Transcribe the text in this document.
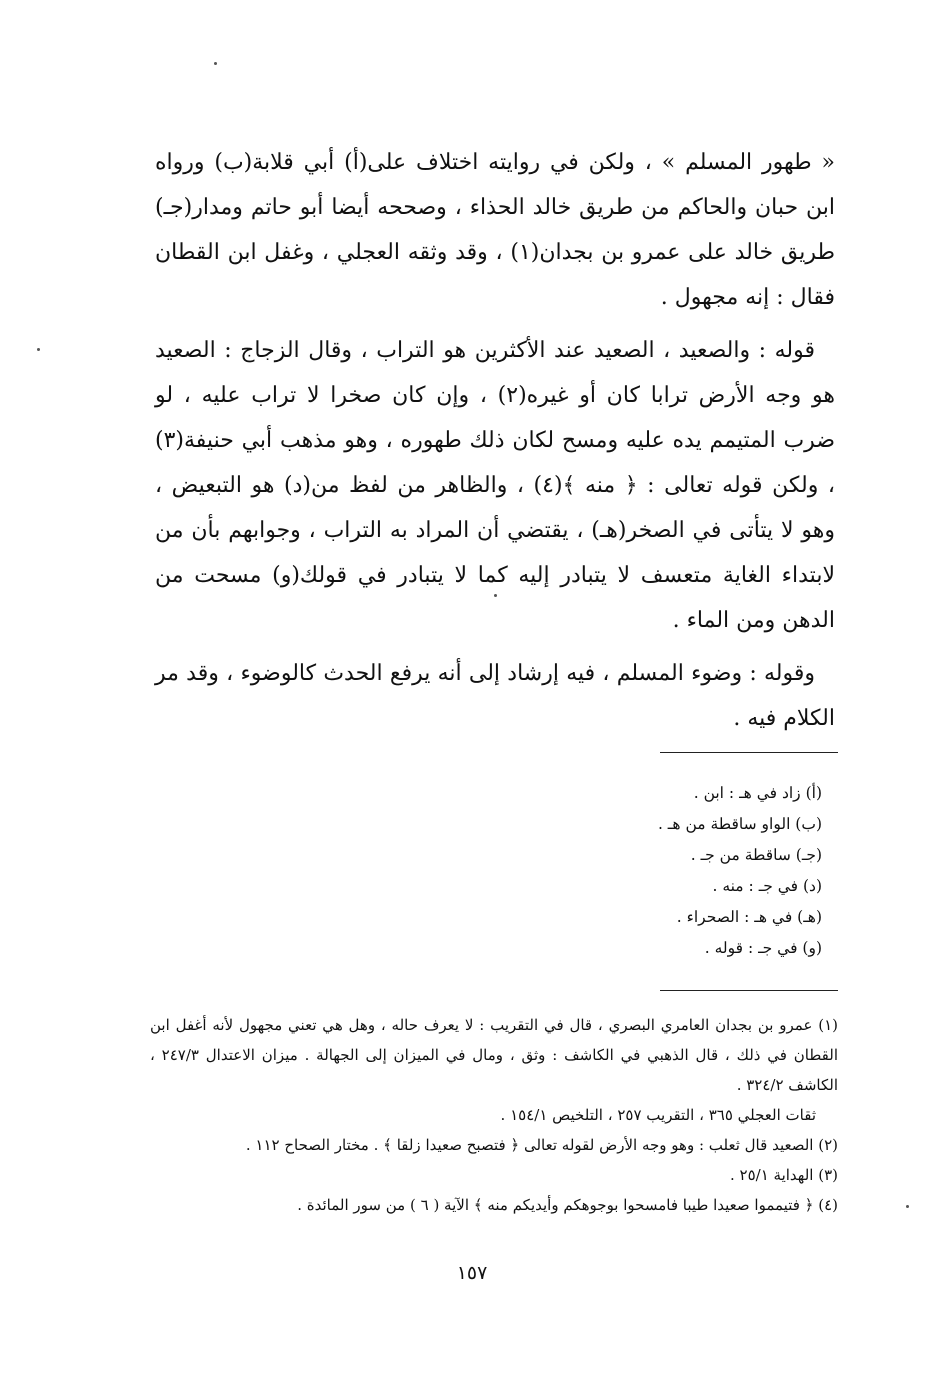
« طهور المسلم » ، ولكن في روايته اختلاف على(أ) أبي قلابة(ب) ورواه ابن حبان والحاكم من طريق خالد الحذاء ، وصححه أيضا أبو حاتم ومدار(جـ) طريق خالد على عمرو بن بجدان(١) ، وقد وثقه العجلي ، وغفل ابن القطان فقال : إنه مجهول .

قوله : والصعيد ، الصعيد عند الأكثرين هو التراب ، وقال الزجاج : الصعيد هو وجه الأرض ترابا كان أو غيره(٢) ، وإن كان صخرا لا تراب عليه ، لو ضرب المتيمم يده عليه ومسح لكان ذلك طهوره ، وهو مذهب أبي حنيفة(٣) ، ولكن قوله تعالى : ﴿ منه ﴾(٤) ، والظاهر من لفظ من(د) هو التبعيض ، وهو لا يتأتى في الصخر(هـ) ، يقتضي أن المراد به التراب ، وجوابهم بأن من لابتداء الغاية متعسف لا يتبادر إليه كما لا يتبادر في قولك(و) مسحت من الدهن ومن الماء .

وقوله : وضوء المسلم ، فيه إرشاد إلى أنه يرفع الحدث كالوضوء ، وقد مر الكلام فيه .

(أ) زاد في هـ : ابن .
(ب) الواو ساقطة من هـ .
(جـ) ساقطة من جـ .
(د) في جـ : منه .
(هـ) في هـ : الصحراء .
(و) في جـ : قوله .
(١) عمرو بن بجدان العامري البصري ، قال في التقريب : لا يعرف حاله ، وهل هي تعني مجهول لأنه أغفل ابن القطان في ذلك ، قال الذهبي في الكاشف : وثق ، ومال في الميزان إلى الجهالة . ميزان الاعتدال ٢٤٧/٣ ، الكاشف ٣٢٤/٢ .
ثقات العجلي ٣٦٥ ، التقريب ٢٥٧ ، التلخيص ١٥٤/١ .
(٢) الصعيد قال ثعلب : وهو وجه الأرض لقوله تعالى ﴿ فتصبح صعيدا زلقا ﴾ . مختار الصحاح ١١٢ .
(٣) الهداية ٢٥/١ .
(٤) ﴿ فتيمموا صعيدا طيبا فامسحوا بوجوهكم وأيديكم منه ﴾ الآية ( ٦ ) من سور المائدة .
١٥٧
